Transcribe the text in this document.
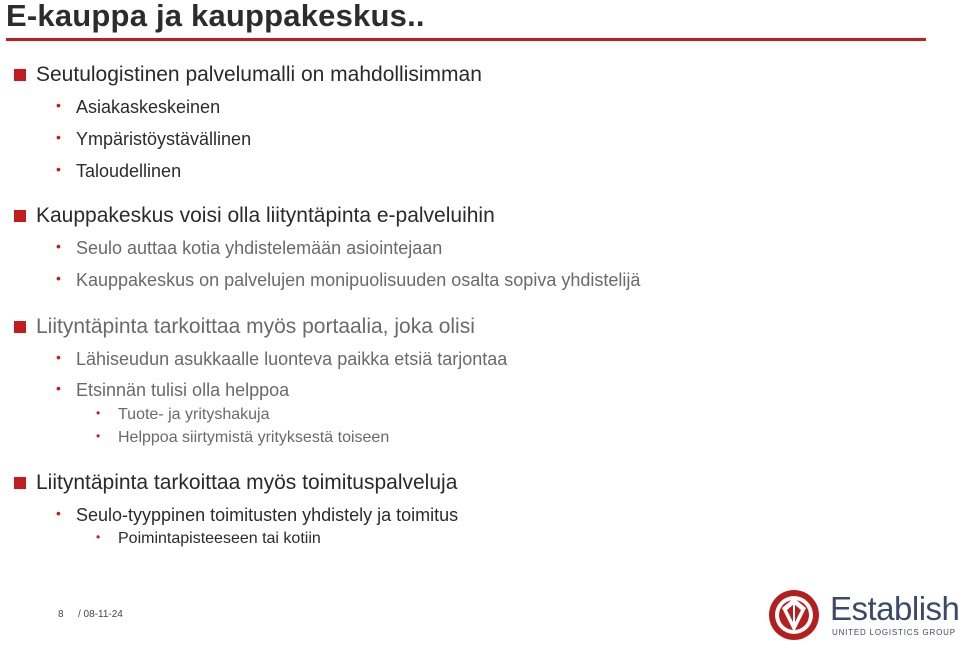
E-kauppa ja kauppakeskus..
Seutulogistinen palvelumalli on mahdollisimman
• Asiakaskeskeinen
• Ympäristöystävällinen
• Taloudellinen
Kauppakeskus voisi olla liityntäpinta e-palveluihin
• Seulo auttaa kotia yhdistelemään asiointejaan
• Kauppakeskus on palvelujen monipuolisuuden osalta sopiva yhdistelijä
Liityntäpinta tarkoittaa myös portaalia, joka olisi
• Lähiseudun asukkaalle luonteva paikka etsiä tarjontaa
• Etsinnän tulisi olla helppoa
• Tuote- ja yrityshakuja
• Helppoa siirtymistä yrityksestä toiseen
Liityntäpinta tarkoittaa myös toimituspalveluja
• Seulo-tyyppinen toimitusten yhdistely ja toimitus
• Poimintapisteeseen tai kotiin
8 / 08-11-24	Establish
UNITED LOGISTICS GROUP
